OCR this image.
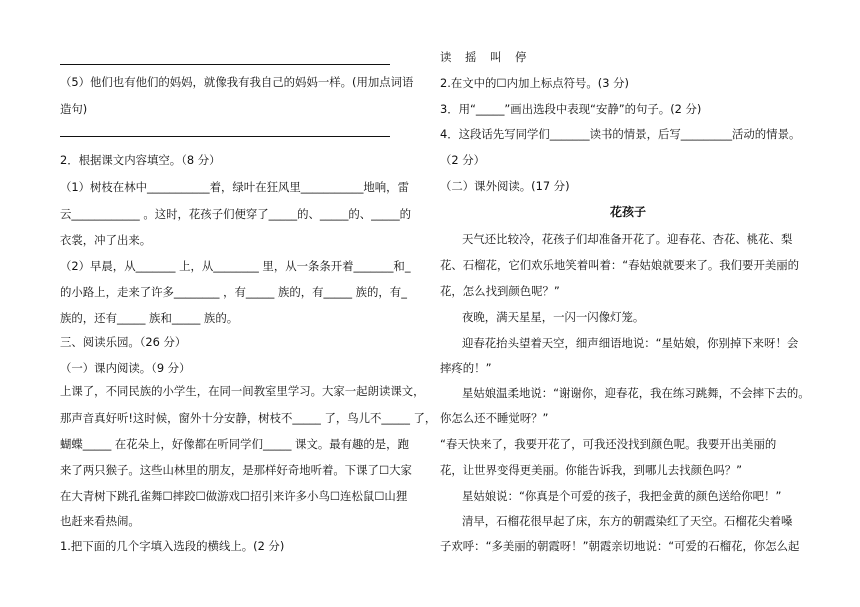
（5）他们也有他们的妈妈，就像我有我自己的妈妈一样。(用加点词语
造句)
2．根据课文内容填空。（8 分）
（1）树枝在林中___________着，绿叶在狂风里___________地响，雷
云____________ 。这时，花孩子们便穿了_____的、_____的、_____的
衣裳，冲了出来。
（2）早晨，从_______ 上，从________ 里，从一条条开着_______和_
的小路上，走来了许多________ ，有_____ 族的，有_____ 族的，有_
族的，还有_____ 族和_____ 族的。
三、阅读乐园。（26 分）
（一）课内阅读。（9 分）
上课了，不同民族的小学生，在同一间教室里学习。大家一起朗读课文，
那声音真好听!这时候，窗外十分安静，树枝不_____ 了，鸟儿不_____ 了，
蝴蝶_____ 在花朵上，好像都在听同学们_____ 课文。最有趣的是，跑
来了两只猴子。这些山林里的朋友，是那样好奇地听着。下课了☐大家
在大青树下跳孔雀舞☐摔跤☐做游戏☐招引来许多小鸟☐连松鼠☐山狸
也赶来看热闹。
1.把下面的几个字填入选段的横线上。(2 分)
读 摇 叫 停
2.在文中的☐内加上标点符号。(3 分)
3．用“_____”画出选段中表现“安静”的句子。(2 分)
4．这段话先写同学们_______读书的情景，后写_________活动的情景。
（2 分）
（二）课外阅读。(17 分)
花孩子
天气还比较冷，花孩子们却准备开花了。迎春花、杏花、桃花、梨
花、石榴花，它们欢乐地笑着叫着：“春姑娘就要来了。我们要开美丽的
花，怎么找到颜色呢？”
夜晚，满天星星，一闪一闪像灯笼。
迎春花抬头望着天空，细声细语地说：“星姑娘，你别掉下来呀！会
摔疼的！”
星姑娘温柔地说：“谢谢你，迎春花，我在练习跳舞，不会摔下去的。
你怎么还不睡觉呀？”
“春天快来了，我要开花了，可我还没找到颜色呢。我要开出美丽的
花，让世界变得更美丽。你能告诉我，到哪儿去找颜色吗？”
星姑娘说：“你真是个可爱的孩子，我把金黄的颜色送给你吧！”
清早，石榴花很早起了床，东方的朝霞染红了天空。石榴花尖着嗓
子欢呼：“多美丽的朝霞呀！”朝霞亲切地说：“可爱的石榴花，你怎么起
